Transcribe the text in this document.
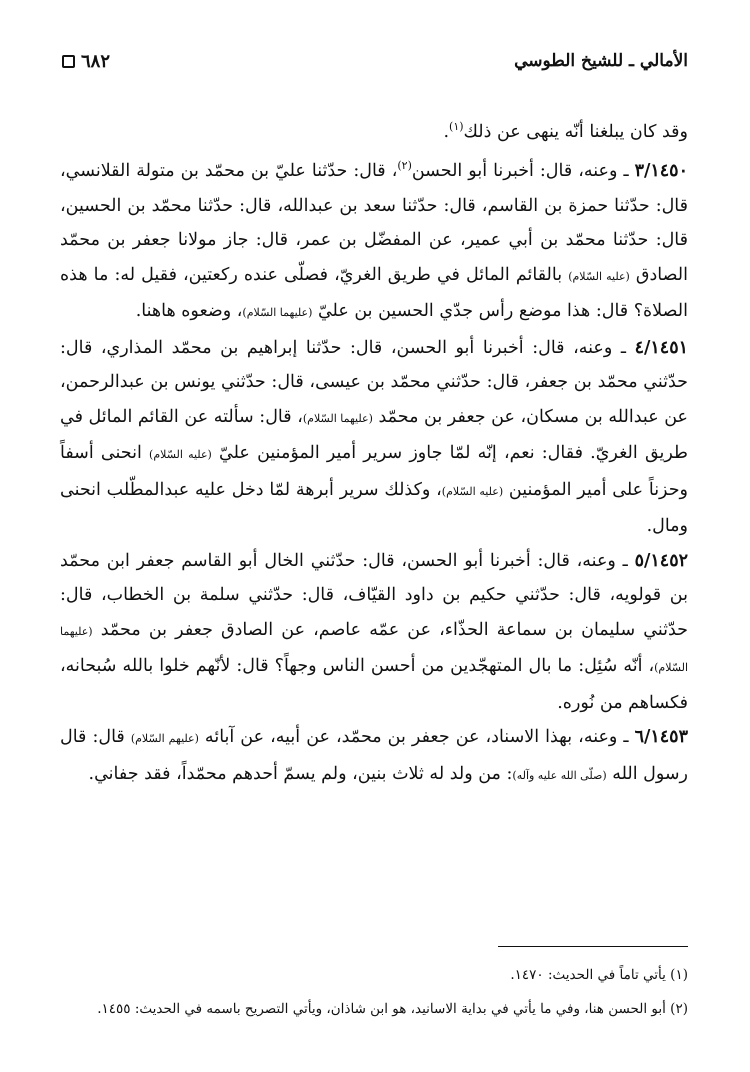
٦٨٢	الأمالي ـ للشيخ الطوسي

وقد كان يبلغنا أنّه ينهى عن ذلك$^{(١)}$.

٣/١٤٥٠ ـ وعنه، قال: أخبرنا أبو الحسن$^{(٢)}$، قال: حدّثنا عليّ بن محمّد بن متولة القلانسي، قال: حدّثنا حمزة بن القاسم، قال: حدّثنا سعد بن عبدالله، قال: حدّثنا محمّد بن الحسين، قال: حدّثنا محمّد بن أبي عمير، عن المفضّل بن عمر، قال: جاز مولانا جعفر بن محمّد الصادق (عليه السّلام) بالقائم المائل في طريق الغريّ، فصلّى عنده ركعتين، فقيل له: ما هذه الصلاة؟ قال: هذا موضع رأس جدّي الحسين بن عليّ (عليهما السّلام)، وضعوه هاهنا.

٤/١٤٥١ ـ وعنه، قال: أخبرنا أبو الحسن، قال: حدّثنا إبراهيم بن محمّد المذاري، قال: حدّثني محمّد بن جعفر، قال: حدّثني محمّد بن عيسى، قال: حدّثني يونس بن عبدالرحمن، عن عبدالله بن مسكان، عن جعفر بن محمّد (عليهما السّلام)، قال: سألته عن القائم المائل في طريق الغريّ. فقال: نعم، إنّه لمّا جاوز سرير أمير المؤمنين عليّ (عليه السّلام) انحنى أسفاً وحزناً على أمير المؤمنين (عليه السّلام)، وكذلك سرير أبرهة لمّا دخل عليه عبدالمطّلب انحنى ومال.

٥/١٤٥٢ ـ وعنه، قال: أخبرنا أبو الحسن، قال: حدّثني الخال أبو القاسم جعفر ابن محمّد بن قولويه، قال: حدّثني حكيم بن داود القيّاف، قال: حدّثني سلمة بن الخطاب، قال: حدّثني سليمان بن سماعة الحذّاء، عن عمّه عاصم، عن الصادق جعفر بن محمّد (عليهما السّلام)، أنّه سُئِل: ما بال المتهجّدين من أحسن الناس وجهاً؟ قال: لأنّهم خلوا بالله سُبحانه، فكساهم من نُوره.

٦/١٤٥٣ ـ وعنه، بهذا الاسناد، عن جعفر بن محمّد، عن أبيه، عن آبائه (عليهم السّلام) قال: قال رسول الله (صلّى الله عليه وآله): من ولد له ثلاث بنين، ولم يسمّ أحدهم محمّداً، فقد جفاني.

(١) يأتي تاماً في الحديث: ١٤٧٠.
(٢) أبو الحسن هنا، وفي ما يأتي في بداية الاسانيد، هو ابن شاذان، ويأتي التصريح باسمه في الحديث: ١٤٥٥.
